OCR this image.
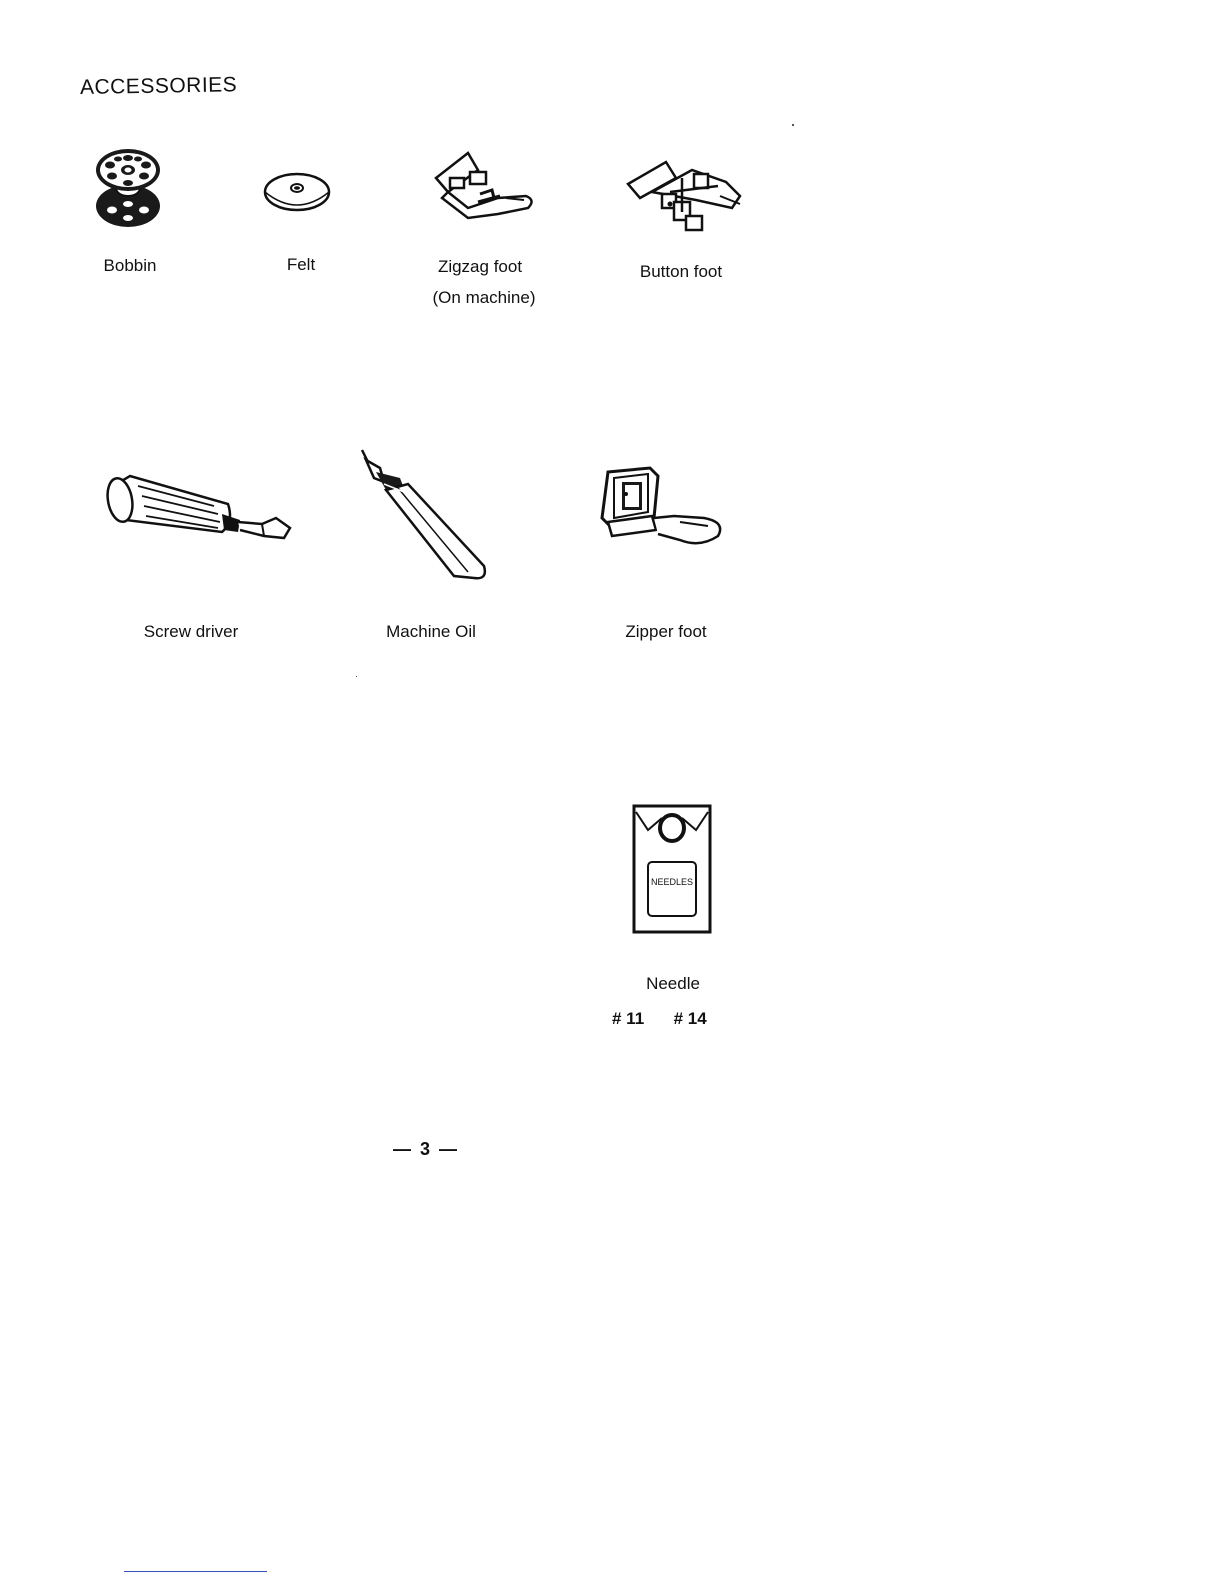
ACCESSORIES
Bobbin	Felt	Zigzag foot
(On machine)
Button foot
Screw driver	Machine Oil	Zipper foot
NEEDLES
Needle
# 11 # 14
— 3 —
